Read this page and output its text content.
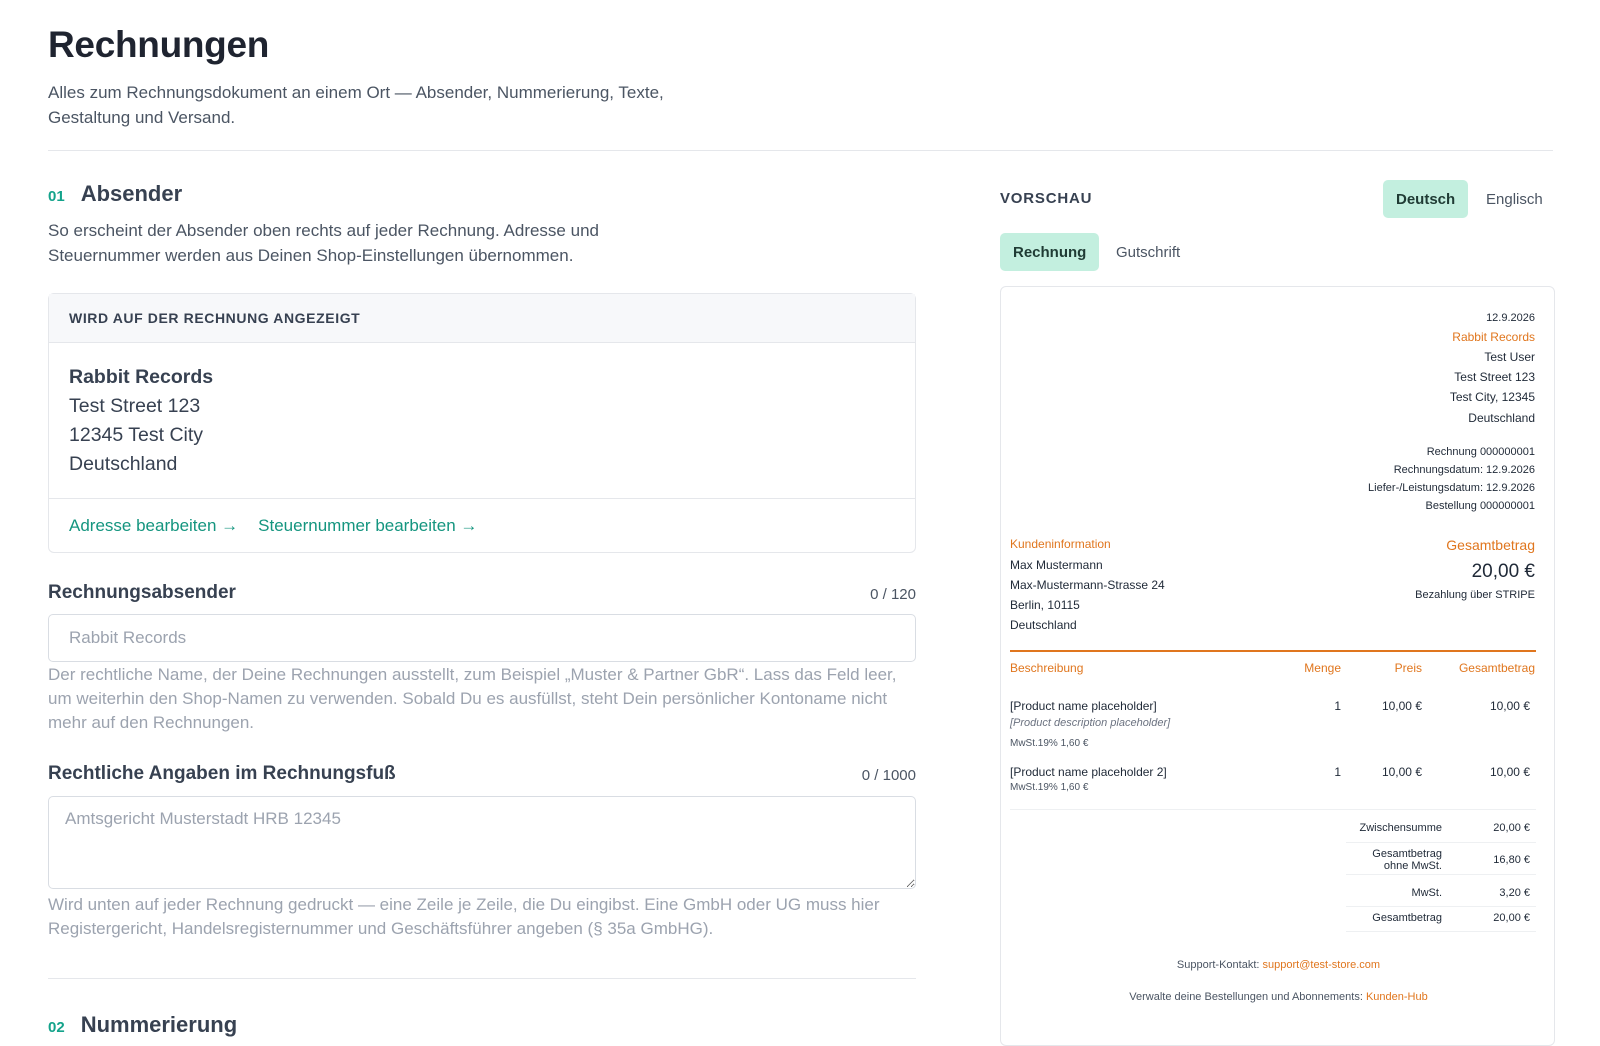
Rechnungen

Alles zum Rechnungsdokument an einem Ort — Absender, Nummerierung, Texte, Gestaltung und Versand.

01 Absender

So erscheint der Absender oben rechts auf jeder Rechnung. Adresse und Steuernummer werden aus Deinen Shop-Einstellungen übernommen.

WIRD AUF DER RECHNUNG ANGEZEIGT
Rabbit Records
Test Street 123
12345 Test City
Deutschland
Adresse bearbeiten → Steuernummer bearbeiten →
Rechnungsabsender	0 / 120
Rabbit Records

Der rechtliche Name, der Deine Rechnungen ausstellt, zum Beispiel „Muster & Partner GbR“. Lass das Feld leer, um weiterhin den Shop-Namen zu verwenden. Sobald Du es ausfüllst, steht Dein persönlicher Kontoname nicht mehr auf den Rechnungen.

Rechtliche Angaben im Rechnungsfuß	0 / 1000
Amtsgericht Musterstadt HRB 12345

Wird unten auf jeder Rechnung gedruckt — eine Zeile je Zeile, die Du eingibst. Eine GmbH oder UG muss hier Registergericht, Handelsregisternummer und Geschäftsführer angeben (§ 35a GmbHG).

02 Nummerierung
VORSCHAU	Deutsch	Englisch
Rechnung	Gutschrift
12.9.2026
Rabbit Records
Test User
Test Street 123
Test City, 12345
Deutschland
Rechnung 000000001
Rechnungsdatum: 12.9.2026
Liefer-/Leistungsdatum: 12.9.2026
Bestellung 000000001
Kundeninformation
Max Mustermann
Max-Mustermann-Strasse 24
Berlin, 10115
Deutschland
Gesamtbetrag
20,00 €
Bezahlung über STRIPE
Beschreibung	Menge	Preis	Gesamtbetrag
[Product name placeholder]
[Product description placeholder]
MwSt.19% 1,60 €
1	10,00 €	10,00 €
[Product name placeholder 2]
MwSt.19% 1,60 €
1	10,00 €	10,00 €
Zwischensumme	20,00 €
Gesamtbetrag
ohne MwSt.	16,80 €
MwSt.	3,20 €
Gesamtbetrag	20,00 €
Support-Kontakt: support@test-store.com
Verwalte deine Bestellungen und Abonnements: Kunden-Hub
